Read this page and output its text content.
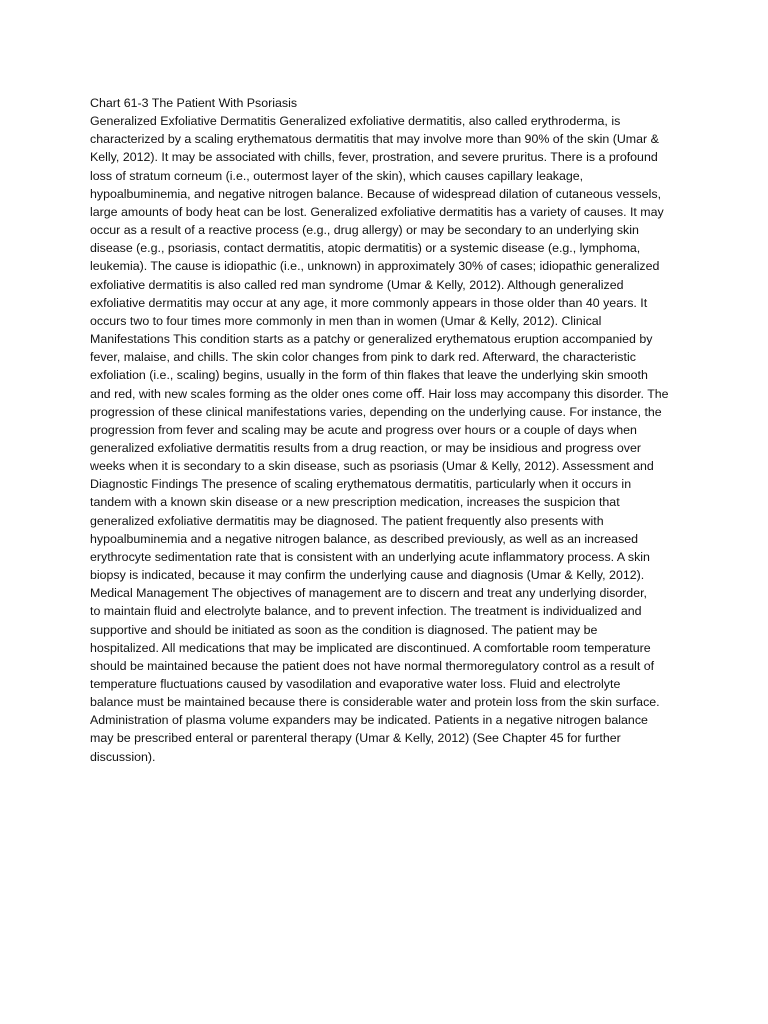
Chart 61-3 The Patient With Psoriasis
Generalized Exfoliative Dermatitis Generalized exfoliative dermatitis, also called erythroderma, is
characterized by a scaling erythematous dermatitis that may involve more than 90% of the skin (Umar &
Kelly, 2012). It may be associated with chills, fever, prostration, and severe pruritus. There is a profound
loss of stratum corneum (i.e., outermost layer of the skin), which causes capillary leakage,
hypoalbuminemia, and negative nitrogen balance. Because of widespread dilation of cutaneous vessels,
large amounts of body heat can be lost. Generalized exfoliative dermatitis has a variety of causes. It may
occur as a result of a reactive process (e.g., drug allergy) or may be secondary to an underlying skin
disease (e.g., psoriasis, contact dermatitis, atopic dermatitis) or a systemic disease (e.g., lymphoma,
leukemia). The cause is idiopathic (i.e., unknown) in approximately 30% of cases; idiopathic generalized
exfoliative dermatitis is also called red man syndrome (Umar & Kelly, 2012). Although generalized
exfoliative dermatitis may occur at any age, it more commonly appears in those older than 40 years. It
occurs two to four times more commonly in men than in women (Umar & Kelly, 2012). Clinical
Manifestations This condition starts as a patchy or generalized erythematous eruption accompanied by
fever, malaise, and chills. The skin color changes from pink to dark red. Afterward, the characteristic
exfoliation (i.e., scaling) begins, usually in the form of thin ﬂakes that leave the underlying skin smooth
and red, with new scales forming as the older ones come oﬀ. Hair loss may accompany this disorder. The
progression of these clinical manifestations varies, depending on the underlying cause. For instance, the
progression from fever and scaling may be acute and progress over hours or a couple of days when
generalized exfoliative dermatitis results from a drug reaction, or may be insidious and progress over
weeks when it is secondary to a skin disease, such as psoriasis (Umar & Kelly, 2012). Assessment and
Diagnostic Findings The presence of scaling erythematous dermatitis, particularly when it occurs in
tandem with a known skin disease or a new prescription medication, increases the suspicion that
generalized exfoliative dermatitis may be diagnosed. The patient frequently also presents with
hypoalbuminemia and a negative nitrogen balance, as described previously, as well as an increased
erythrocyte sedimentation rate that is consistent with an underlying acute inﬂammatory process. A skin
biopsy is indicated, because it may confirm the underlying cause and diagnosis (Umar & Kelly, 2012).
Medical Management The objectives of management are to discern and treat any underlying disorder,
to maintain ﬂuid and electrolyte balance, and to prevent infection. The treatment is individualized and
supportive and should be initiated as soon as the condition is diagnosed. The patient may be
hospitalized. All medications that may be implicated are discontinued. A comfortable room temperature
should be maintained because the patient does not have normal thermoregulatory control as a result of
temperature ﬂuctuations caused by vasodilation and evaporative water loss. Fluid and electrolyte
balance must be maintained because there is considerable water and protein loss from the skin surface.
Administration of plasma volume expanders may be indicated. Patients in a negative nitrogen balance
may be prescribed enteral or parenteral therapy (Umar & Kelly, 2012) (See Chapter 45 for further
discussion).
